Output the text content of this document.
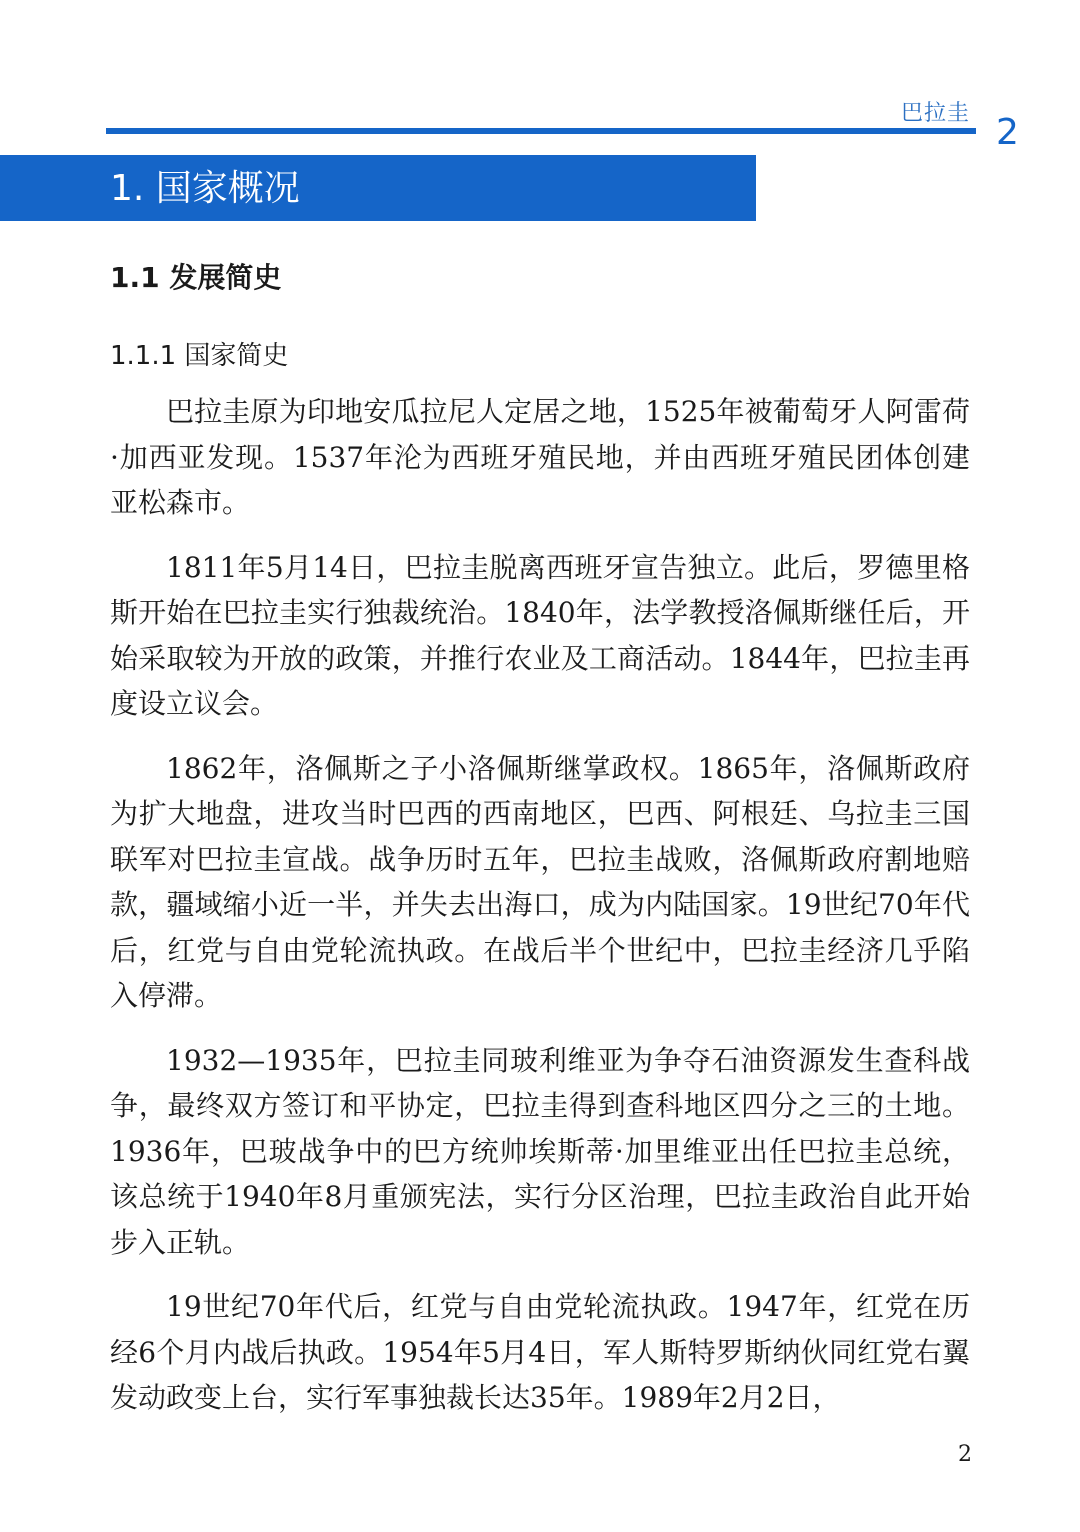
巴拉圭 2
1. 国家概况
1.1 发展简史
1.1.1 国家简史

巴拉圭原为印地安瓜拉尼人定居之地，1525年被葡萄牙人阿雷荷·加西亚发现。1537年沦为西班牙殖民地，并由西班牙殖民团体创建亚松森市。

1811年5月14日，巴拉圭脱离西班牙宣告独立。此后，罗德里格斯开始在巴拉圭实行独裁统治。1840年，法学教授洛佩斯继任后，开始采取较为开放的政策，并推行农业及工商活动。1844年，巴拉圭再度设立议会。

1862年，洛佩斯之子小洛佩斯继掌政权。1865年，洛佩斯政府为扩大地盘，进攻当时巴西的西南地区，巴西、阿根廷、乌拉圭三国联军对巴拉圭宣战。战争历时五年，巴拉圭战败，洛佩斯政府割地赔款，疆域缩小近一半，并失去出海口，成为内陆国家。19世纪70年代后，红党与自由党轮流执政。在战后半个世纪中，巴拉圭经济几乎陷入停滞。

1932—1935年，巴拉圭同玻利维亚为争夺石油资源发生查科战争，最终双方签订和平协定，巴拉圭得到查科地区四分之三的土地。1936年，巴玻战争中的巴方统帅埃斯蒂·加里维亚出任巴拉圭总统，该总统于1940年8月重颁宪法，实行分区治理，巴拉圭政治自此开始步入正轨。

19世纪70年代后，红党与自由党轮流执政。1947年，红党在历经6个月内战后执政。1954年5月4日，军人斯特罗斯纳伙同红党右翼发动政变上台，实行军事独裁长达35年。1989年2月2日，

2
